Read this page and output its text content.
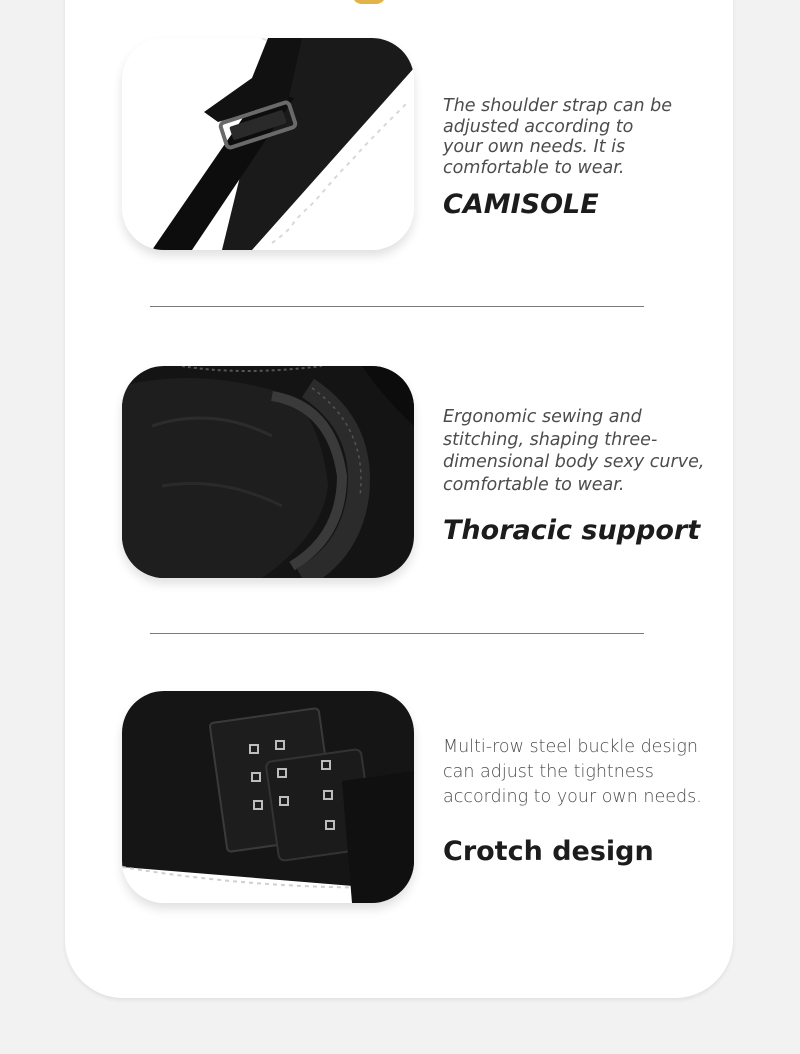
The shoulder strap can be
adjusted according to
your own needs. It is
comfortable to wear.

CAMISOLE

Ergonomic sewing and
stitching, shaping three-
dimensional body sexy curve,
comfortable to wear.

Thoracic support

Multi-row steel buckle design
can adjust the tightness
according to your own needs.

Crotch design
